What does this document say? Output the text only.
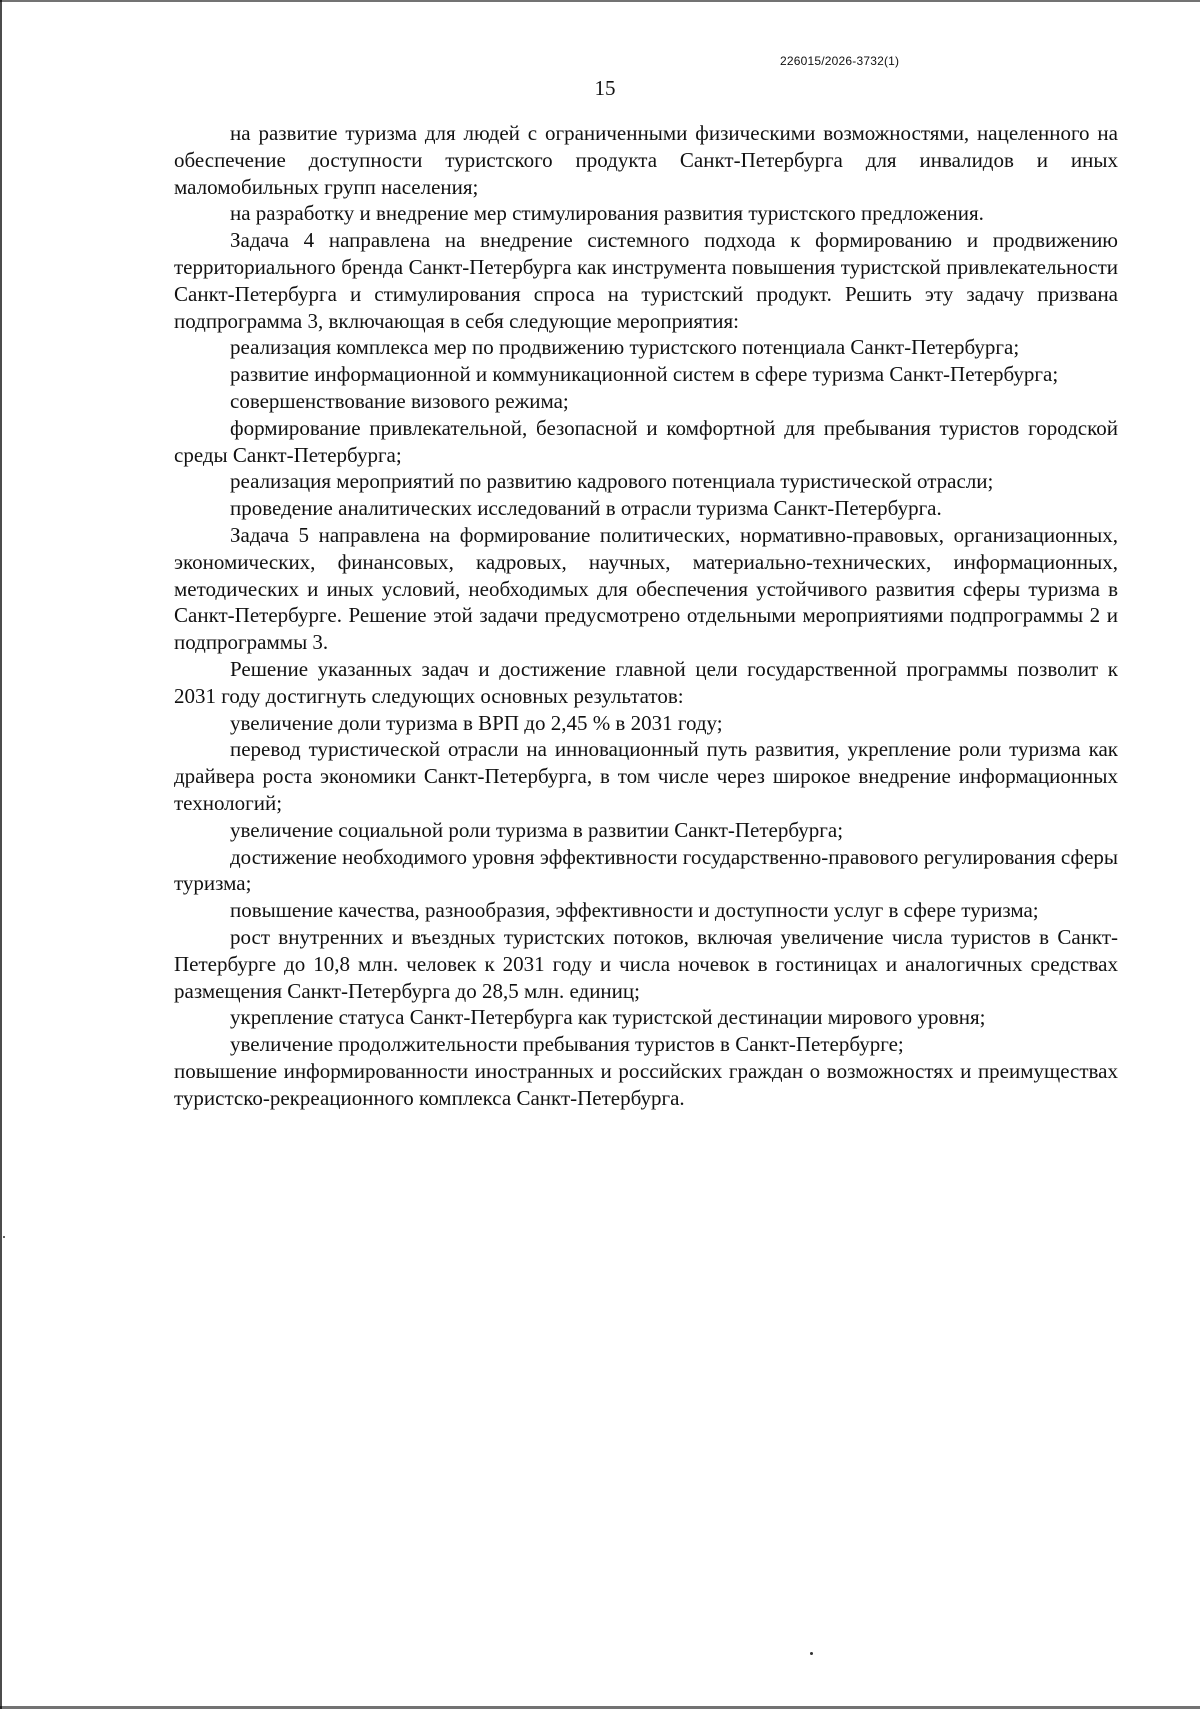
226015/2026-3732(1)
15

на развитие туризма для людей с ограниченными физическими возможностями, нацеленного на обеспечение доступности туристского продукта Санкт-Петербурга для инвалидов и иных маломобильных групп населения;

на разработку и внедрение мер стимулирования развития туристского предложения.

Задача 4 направлена на внедрение системного подхода к формированию и продвижению территориального бренда Санкт-Петербурга как инструмента повышения туристской привлекательности Санкт-Петербурга и стимулирования спроса на туристский продукт. Решить эту задачу призвана подпрограмма 3, включающая в себя следующие мероприятия:

реализация комплекса мер по продвижению туристского потенциала Санкт-Петербурга;

развитие информационной и коммуникационной систем в сфере туризма Санкт-Петербурга;

совершенствование визового режима;

формирование привлекательной, безопасной и комфортной для пребывания туристов городской среды Санкт-Петербурга;

реализация мероприятий по развитию кадрового потенциала туристической отрасли;

проведение аналитических исследований в отрасли туризма Санкт-Петербурга.

Задача 5 направлена на формирование политических, нормативно-правовых, организационных, экономических, финансовых, кадровых, научных, материально-технических, информационных, методических и иных условий, необходимых для обеспечения устойчивого развития сферы туризма в Санкт-Петербурге. Решение этой задачи предусмотрено отдельными мероприятиями подпрограммы 2 и подпрограммы 3.

Решение указанных задач и достижение главной цели государственной программы позволит к 2031 году достигнуть следующих основных результатов:

увеличение доли туризма в ВРП до 2,45 % в 2031 году;

перевод туристической отрасли на инновационный путь развития, укрепление роли туризма как драйвера роста экономики Санкт-Петербурга, в том числе через широкое внедрение информационных технологий;

увеличение социальной роли туризма в развитии Санкт-Петербурга;

достижение необходимого уровня эффективности государственно-правового регулирования сферы туризма;

повышение качества, разнообразия, эффективности и доступности услуг в сфере туризма;

рост внутренних и въездных туристских потоков, включая увеличение числа туристов в Санкт-Петербурге до 10,8 млн. человек к 2031 году и числа ночевок в гостиницах и аналогичных средствах размещения Санкт-Петербурга до 28,5 млн. единиц;

укрепление статуса Санкт-Петербурга как туристской дестинации мирового уровня;

увеличение продолжительности пребывания туристов в Санкт-Петербурге;

повышение информированности иностранных и российских граждан о возможностях и преимуществах туристско-рекреационного комплекса Санкт-Петербурга.
